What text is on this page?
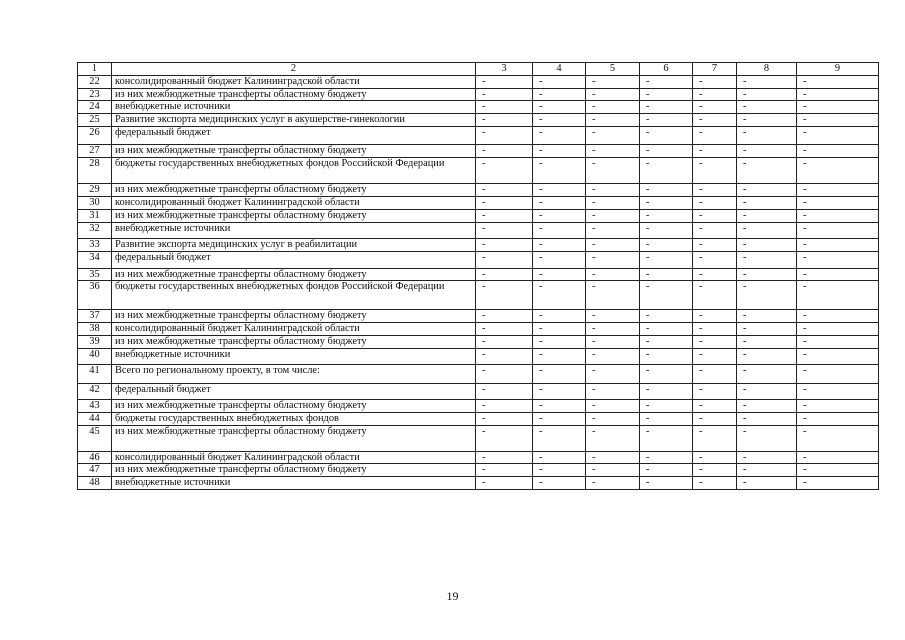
1	2	3	4	5	6	7	8	9
22	консолидированный бюджет Калининградской области	-	-	-	-	-	-	-
23	из них межбюджетные трансферты областному бюджету	-	-	-	-	-	-	-
24	внебюджетные источники	-	-	-	-	-	-	-
25	Развитие экспорта медицинских услуг в акушерстве-гинекологии	-	-	-	-	-	-	-
26	федеральный бюджет	-	-	-	-	-	-	-
27	из них межбюджетные трансферты областному бюджету	-	-	-	-	-	-	-
28	бюджеты государственных внебюджетных фондов Российской Федерации	-	-	-	-	-	-	-
29	из них межбюджетные трансферты областному бюджету	-	-	-	-	-	-	-
30	консолидированный бюджет Калининградской области	-	-	-	-	-	-	-
31	из них межбюджетные трансферты областному бюджету	-	-	-	-	-	-	-
32	внебюджетные источники	-	-	-	-	-	-	-
33	Развитие экспорта медицинских услуг в реабилитации	-	-	-	-	-	-	-
34	федеральный бюджет	-	-	-	-	-	-	-
35	из них межбюджетные трансферты областному бюджету	-	-	-	-	-	-	-
36	бюджеты государственных внебюджетных фондов Российской Федерации	-	-	-	-	-	-	-
37	из них межбюджетные трансферты областному бюджету	-	-	-	-	-	-	-
38	консолидированный бюджет Калининградской области	-	-	-	-	-	-	-
39	из них межбюджетные трансферты областному бюджету	-	-	-	-	-	-	-
40	внебюджетные источники	-	-	-	-	-	-	-
41	Всего по региональному проекту, в том числе:	-	-	-	-	-	-	-
42	федеральный бюджет	-	-	-	-	-	-	-
43	из них межбюджетные трансферты областному бюджету	-	-	-	-	-	-	-
44	бюджеты государственных внебюджетных фондов	-	-	-	-	-	-	-
45	из них межбюджетные трансферты областному бюджету	-	-	-	-	-	-	-
46	консолидированный бюджет Калининградской области	-	-	-	-	-	-	-
47	из них межбюджетные трансферты областному бюджету	-	-	-	-	-	-	-
48	внебюджетные источники	-	-	-	-	-	-	-
19
